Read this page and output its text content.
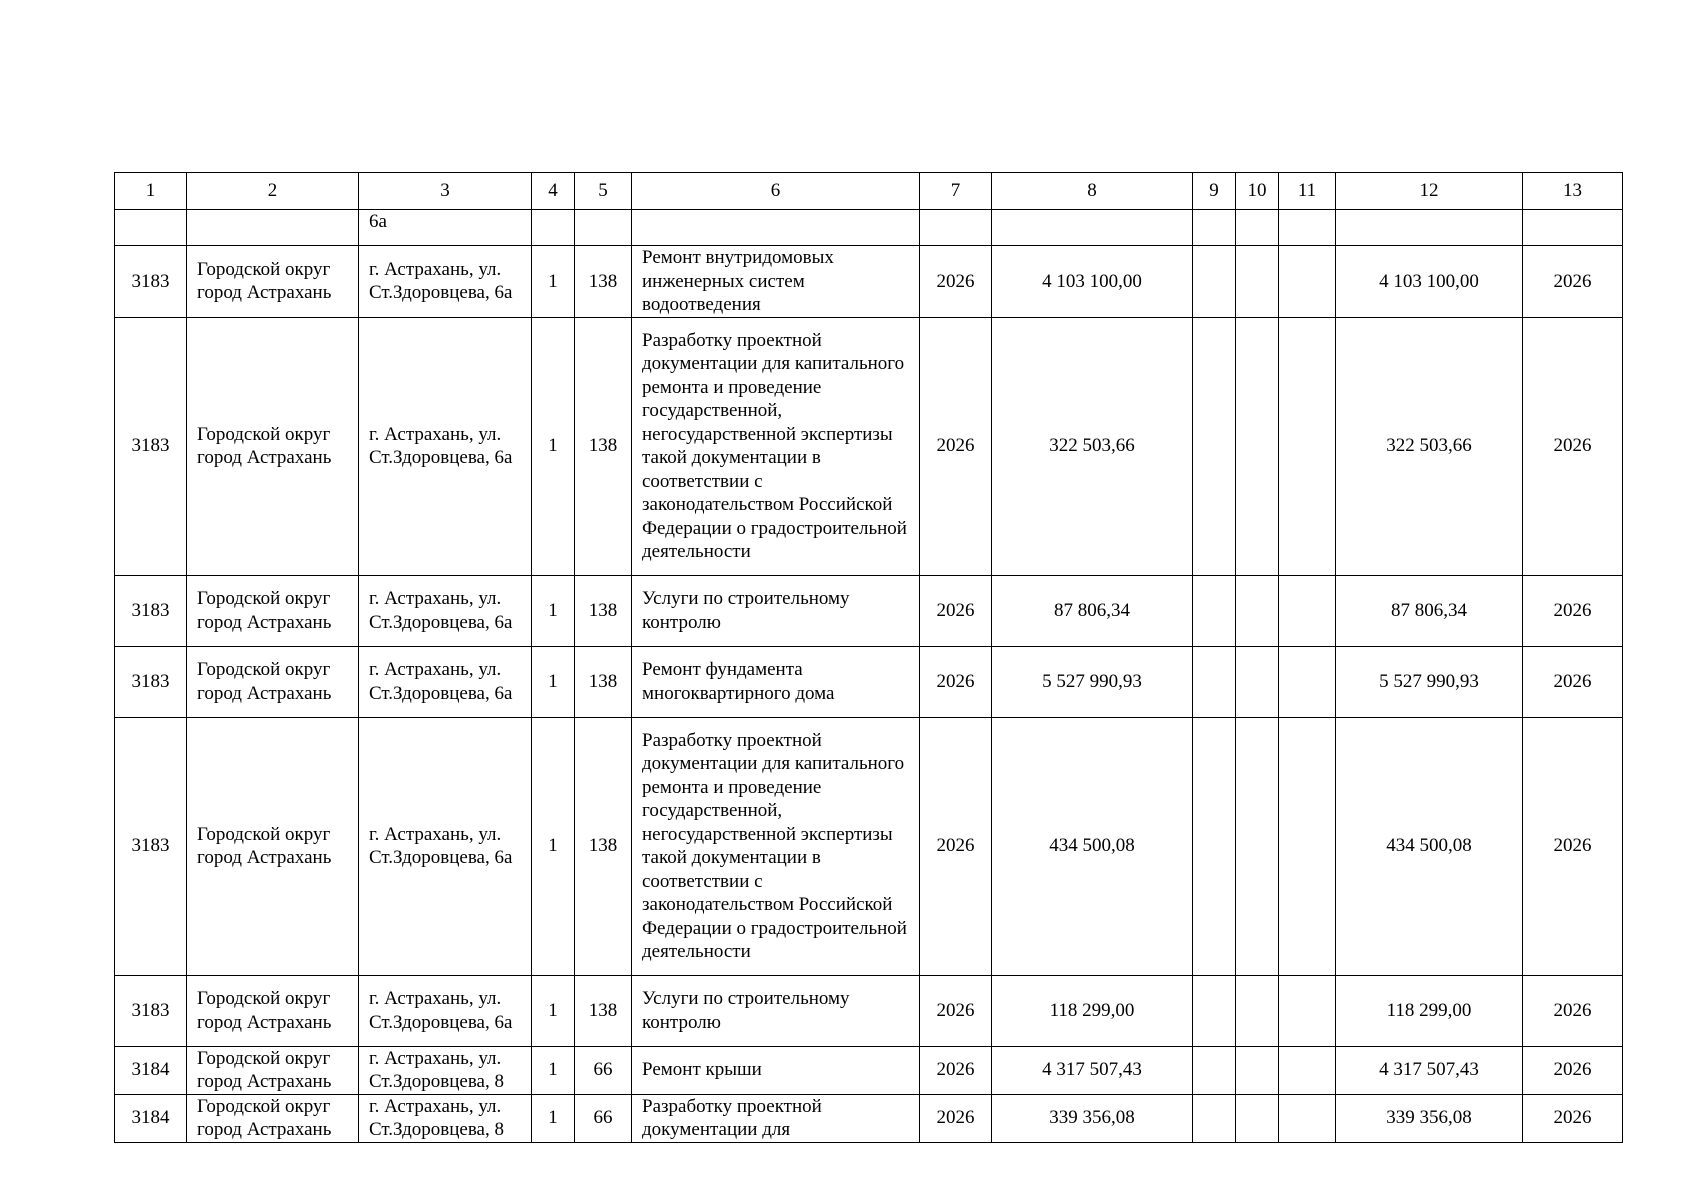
1	2	3	4	5	6	7	8	9	10	11	12	13
		6а										
3183	Городской округ город Астрахань	г. Астрахань, ул. Ст.Здоровцева, 6а	1	138	Ремонт внутридомовых инженерных систем водоотведения	2026	4 103 100,00				4 103 100,00	2026
3183	Городской округ город Астрахань	г. Астрахань, ул. Ст.Здоровцева, 6а	1	138	Разработку проектной документации для капитального ремонта и проведение государственной, негосударственной экспертизы такой документации в соответствии с законодательством Российской Федерации о градостроительной деятельности	2026	322 503,66				322 503,66	2026
3183	Городской округ город Астрахань	г. Астрахань, ул. Ст.Здоровцева, 6а	1	138	Услуги по строительному контролю	2026	87 806,34				87 806,34	2026
3183	Городской округ город Астрахань	г. Астрахань, ул. Ст.Здоровцева, 6а	1	138	Ремонт фундамента многоквартирного дома	2026	5 527 990,93				5 527 990,93	2026
3183	Городской округ город Астрахань	г. Астрахань, ул. Ст.Здоровцева, 6а	1	138	Разработку проектной документации для капитального ремонта и проведение государственной, негосударственной экспертизы такой документации в соответствии с законодательством Российской Федерации о градостроительной деятельности	2026	434 500,08				434 500,08	2026
3183	Городской округ город Астрахань	г. Астрахань, ул. Ст.Здоровцева, 6а	1	138	Услуги по строительному контролю	2026	118 299,00				118 299,00	2026
3184	Городской округ город Астрахань	г. Астрахань, ул. Ст.Здоровцева, 8	1	66	Ремонт крыши	2026	4 317 507,43				4 317 507,43	2026
3184	Городской округ город Астрахань	г. Астрахань, ул. Ст.Здоровцева, 8	1	66	Разработку проектной документации для	2026	339 356,08				339 356,08	2026
